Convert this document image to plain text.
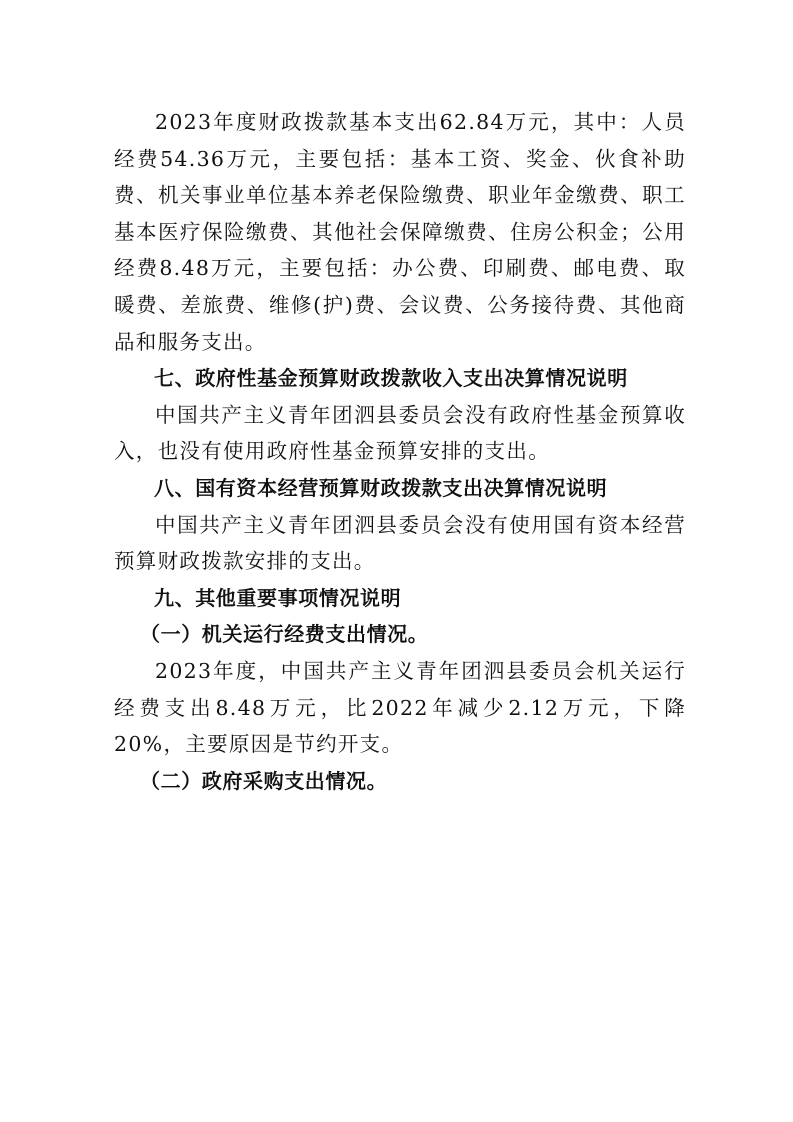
2023年度财政拨款基本支出62.84万元，其中：人员经费54.36万元，主要包括：基本工资、奖金、伙食补助费、机关事业单位基本养老保险缴费、职业年金缴费、职工基本医疗保险缴费、其他社会保障缴费、住房公积金；公用经费8.48万元，主要包括：办公费、印刷费、邮电费、取暖费、差旅费、维修(护)费、会议费、公务接待费、其他商品和服务支出。

七、政府性基金预算财政拨款收入支出决算情况说明

中国共产主义青年团泗县委员会没有政府性基金预算收入，也没有使用政府性基金预算安排的支出。

八、国有资本经营预算财政拨款支出决算情况说明

中国共产主义青年团泗县委员会没有使用国有资本经营预算财政拨款安排的支出。

九、其他重要事项情况说明

（一）机关运行经费支出情况。

2023年度，中国共产主义青年团泗县委员会机关运行经费支出8.48万元，比2022年减少2.12万元，下降20%，主要原因是节约开支。

（二）政府采购支出情况。
